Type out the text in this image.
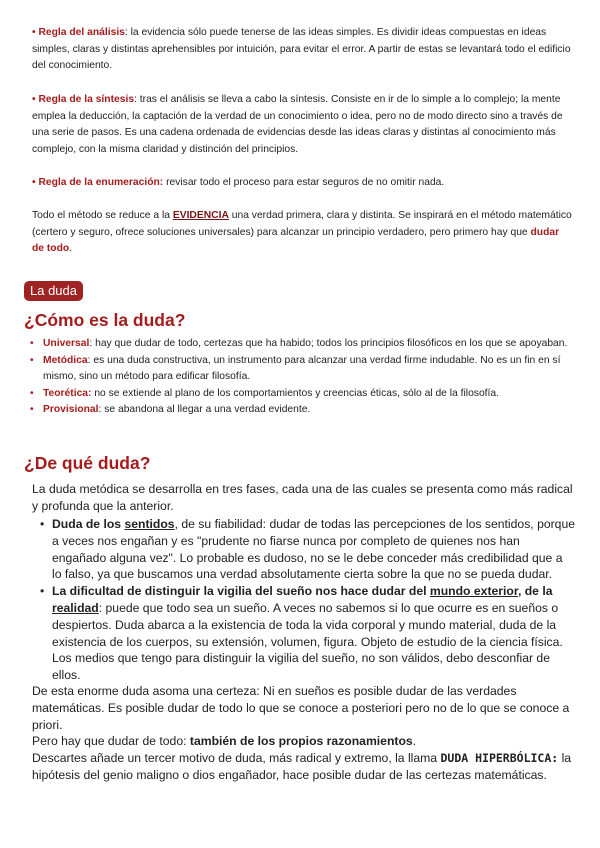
• Regla del análisis: la evidencia sólo puede tenerse de las ideas simples. Es dividir ideas compuestas en ideas simples, claras y distintas aprehensibles por intuición, para evitar el error. A partir de estas se levantará todo el edificio del conocimiento.

• Regla de la síntesis: tras el análisis se lleva a cabo la síntesis. Consiste en ir de lo simple a lo complejo; la mente emplea la deducción, la captación de la verdad de un conocimiento o idea, pero no de modo directo sino a través de una serie de pasos. Es una cadena ordenada de evidencias desde las ideas claras y distintas al conocimiento más complejo, con la misma claridad y distinción del principios.

• Regla de la enumeración: revisar todo el proceso para estar seguros de no omitir nada.

Todo el método se reduce a la EVIDENCIA una verdad primera, clara y distinta. Se inspirará en el método matemático (certero y seguro, ofrece soluciones universales) para alcanzar un principio verdadero, pero primero hay que dudar de todo.

La duda
¿Cómo es la duda?
• Universal: hay que dudar de todo, certezas que ha habido; todos los principios filosóficos en los que se apoyaban.
• Metódica: es una duda constructiva, un instrumento para alcanzar una verdad firme indudable. No es un fin en sí mismo, sino un método para edificar filosofía.
• Teorética: no se extiende al plano de los comportamientos y creencias éticas, sólo al de la filosofía.
• Provisional: se abandona al llegar a una verdad evidente.
¿De qué duda?

La duda metódica se desarrolla en tres fases, cada una de las cuales se presenta como más radical y profunda que la anterior.

• Duda de los sentidos, de su fiabilidad: dudar de todas las percepciones de los sentidos, porque a veces nos engañan y es "prudente no fiarse nunca por completo de quienes nos han engañado alguna vez". Lo probable es dudoso, no se le debe conceder más credibilidad que a lo falso, ya que buscamos una verdad absolutamente cierta sobre la que no se pueda dudar.
• La dificultad de distinguir la vigilia del sueño nos hace dudar del mundo exterior, de la realidad: puede que todo sea un sueño. A veces no sabemos si lo que ocurre es en sueños o despiertos. Duda abarca a la existencia de toda la vida corporal y mundo material, duda de la existencia de los cuerpos, su extensión, volumen, figura. Objeto de estudio de la ciencia física. Los medios que tengo para distinguir la vigilia del sueño, no son válidos, debo desconfiar de ellos.
De esta enorme duda asoma una certeza: Ni en sueños es posible dudar de las verdades matemáticas. Es posible dudar de todo lo que se conoce a posteriori pero no de lo que se conoce a priori.
Pero hay que dudar de todo: también de los propios razonamientos.
Descartes añade un tercer motivo de duda, más radical y extremo, la llama DUDA HIPERBÓLICA: la hipótesis del genio maligno o dios engañador, hace posible dudar de las certezas matemáticas.
